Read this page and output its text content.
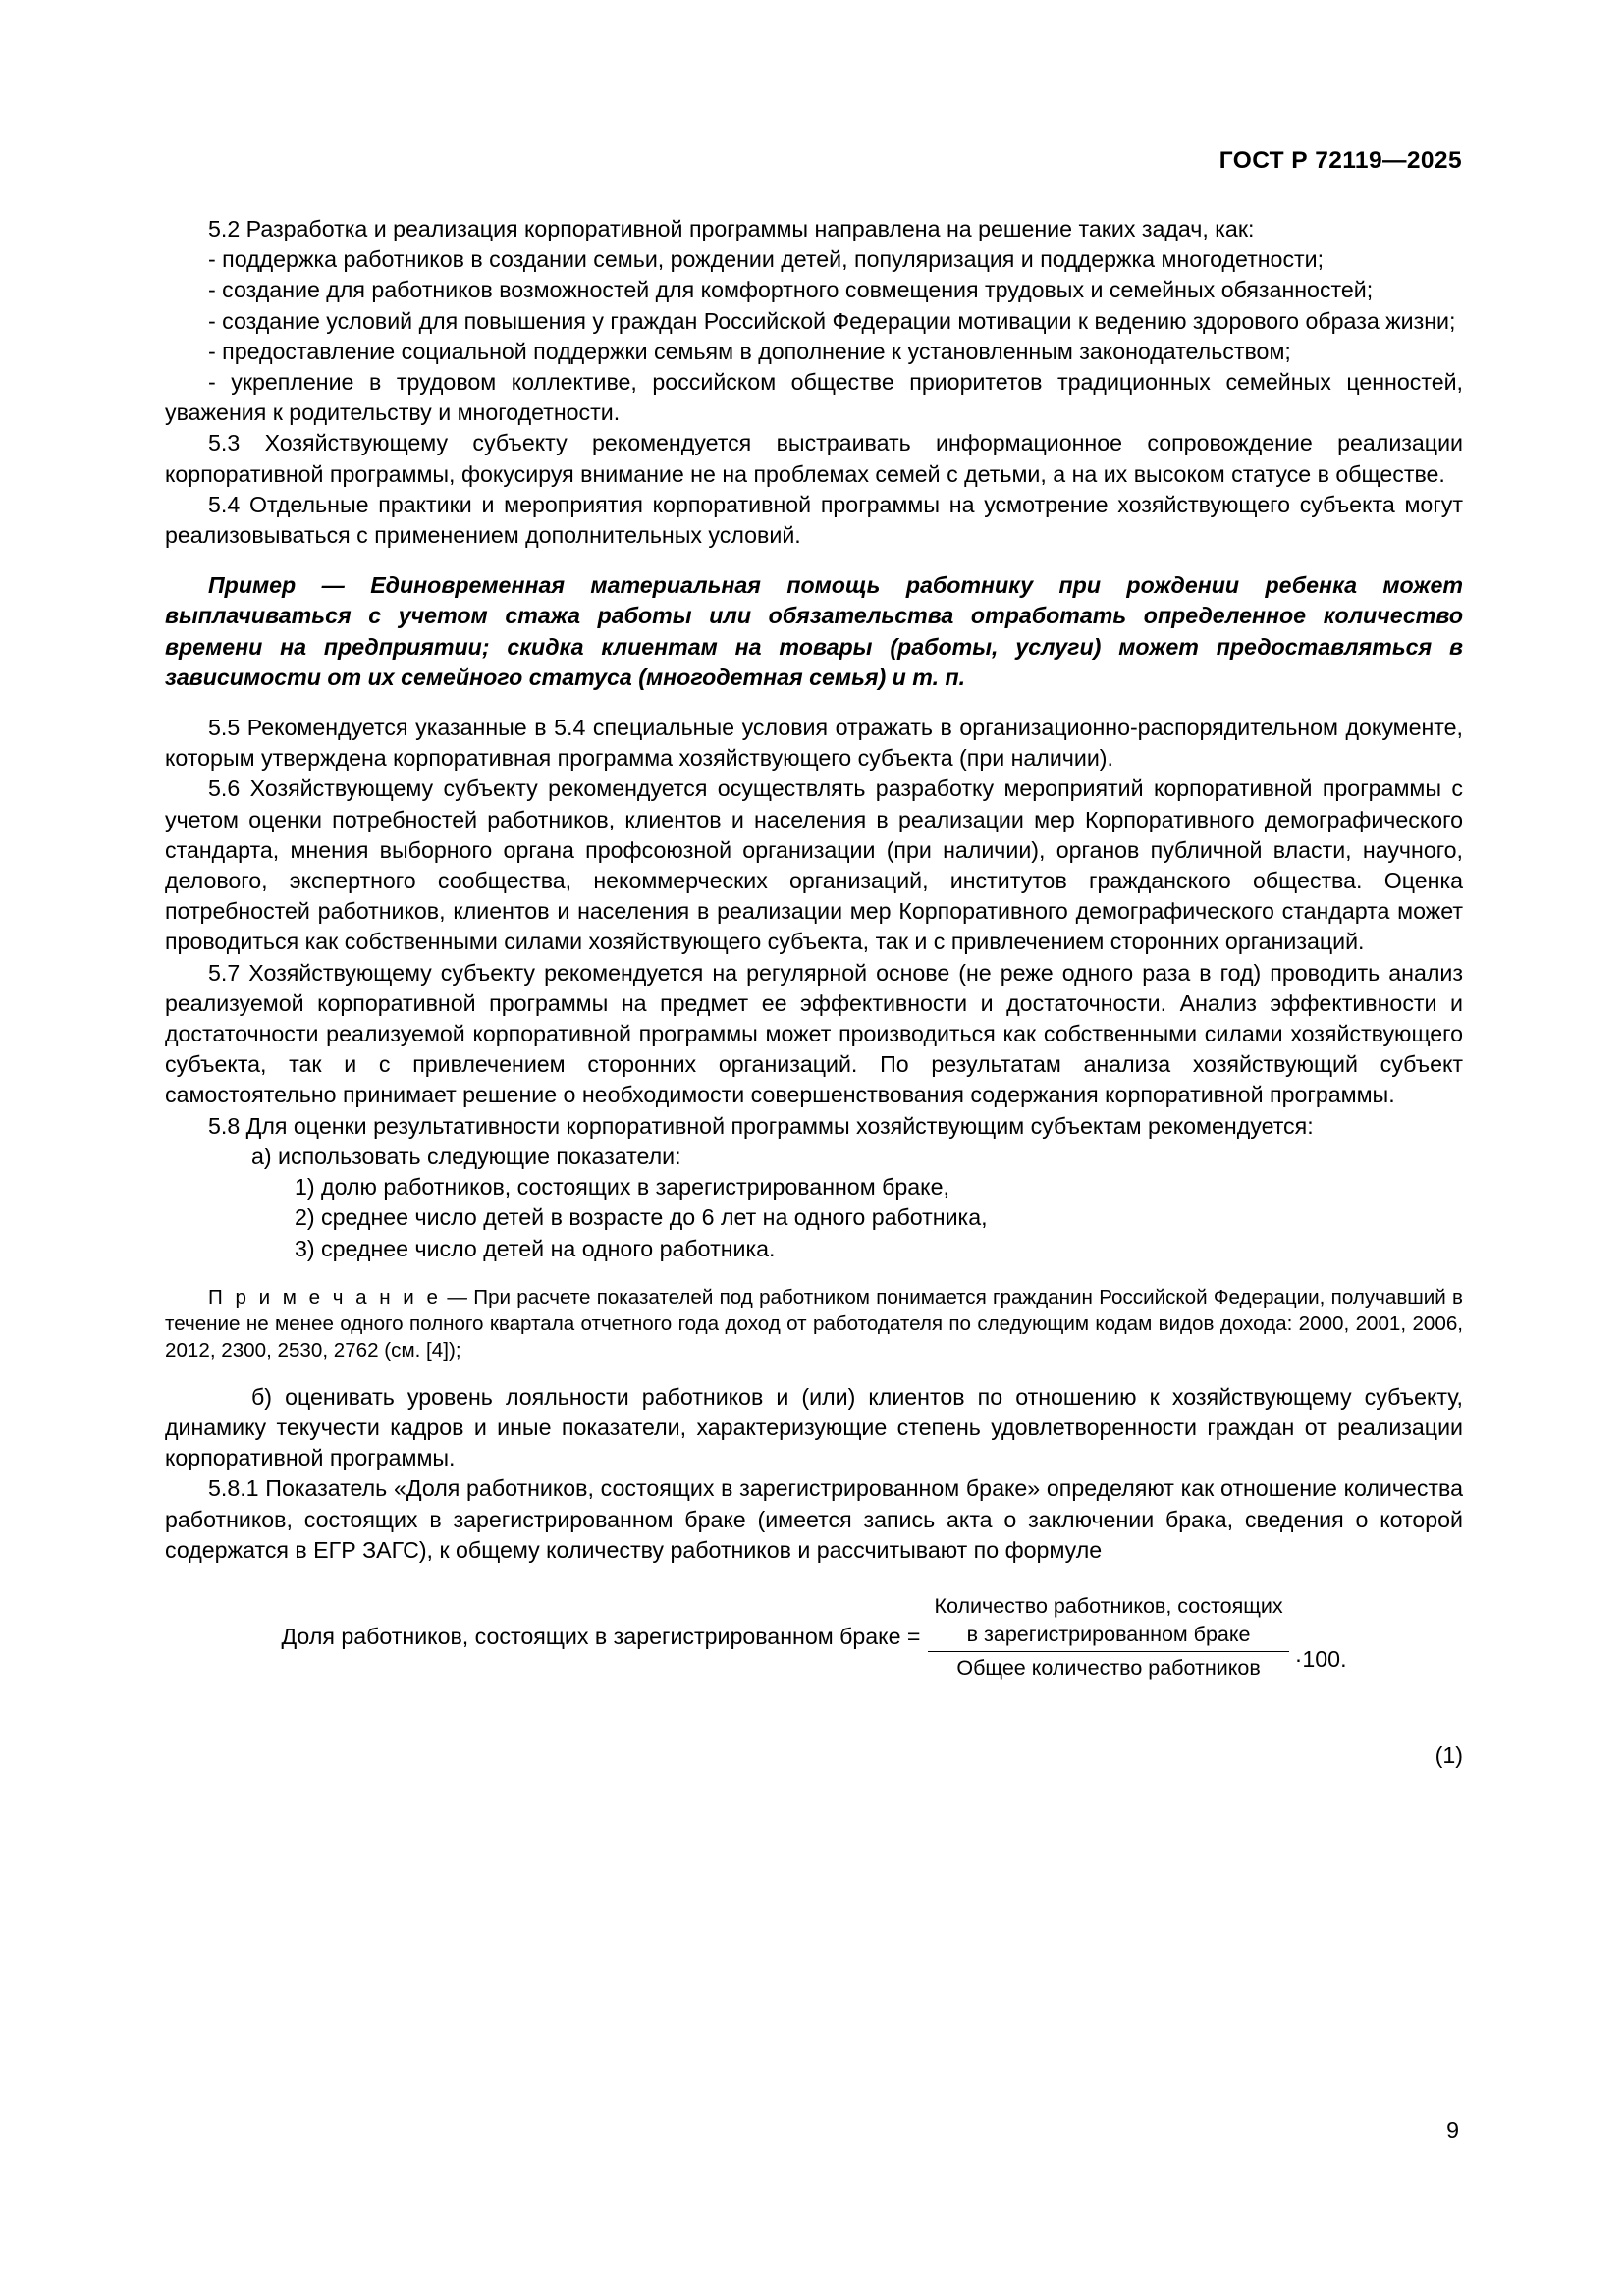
ГОСТ Р 72119—2025

5.2 Разработка и реализация корпоративной программы направлена на решение таких задач, как:

- поддержка работников в создании семьи, рождении детей, популяризация и поддержка многодетности;

- создание для работников возможностей для комфортного совмещения трудовых и семейных обязанностей;

- создание условий для повышения у граждан Российской Федерации мотивации к ведению здорового образа жизни;

- предоставление социальной поддержки семьям в дополнение к установленным законодательством;

- укрепление в трудовом коллективе, российском обществе приоритетов традиционных семейных ценностей, уважения к родительству и многодетности.

5.3 Хозяйствующему субъекту рекомендуется выстраивать информационное сопровождение реализации корпоративной программы, фокусируя внимание не на проблемах семей с детьми, а на их высоком статусе в обществе.

5.4 Отдельные практики и мероприятия корпоративной программы на усмотрение хозяйствующего субъекта могут реализовываться с применением дополнительных условий.

Пример — Единовременная материальная помощь работнику при рождении ребенка может выплачиваться с учетом стажа работы или обязательства отработать определенное количество времени на предприятии; скидка клиентам на товары (работы, услуги) может предоставляться в зависимости от их семейного статуса (многодетная семья) и т. п.

5.5 Рекомендуется указанные в 5.4 специальные условия отражать в организационно-распорядительном документе, которым утверждена корпоративная программа хозяйствующего субъекта (при наличии).

5.6 Хозяйствующему субъекту рекомендуется осуществлять разработку мероприятий корпоративной программы с учетом оценки потребностей работников, клиентов и населения в реализации мер Корпоративного демографического стандарта, мнения выборного органа профсоюзной организации (при наличии), органов публичной власти, научного, делового, экспертного сообщества, некоммерческих организаций, институтов гражданского общества. Оценка потребностей работников, клиентов и населения в реализации мер Корпоративного демографического стандарта может проводиться как собственными силами хозяйствующего субъекта, так и с привлечением сторонних организаций.

5.7 Хозяйствующему субъекту рекомендуется на регулярной основе (не реже одного раза в год) проводить анализ реализуемой корпоративной программы на предмет ее эффективности и достаточности. Анализ эффективности и достаточности реализуемой корпоративной программы может производиться как собственными силами хозяйствующего субъекта, так и с привлечением сторонних организаций. По результатам анализа хозяйствующий субъект самостоятельно принимает решение о необходимости совершенствования содержания корпоративной программы.

5.8 Для оценки результативности корпоративной программы хозяйствующим субъектам рекомендуется:

а) использовать следующие показатели:

1) долю работников, состоящих в зарегистрированном браке,

2) среднее число детей в возрасте до 6 лет на одного работника,

3) среднее число детей на одного работника.

П р и м е ч а н и е — При расчете показателей под работником понимается гражданин Российской Федерации, получавший в течение не менее одного полного квартала отчетного года доход от работодателя по следующим кодам видов дохода: 2000, 2001, 2006, 2012, 2300, 2530, 2762 (см. [4]);

б) оценивать уровень лояльности работников и (или) клиентов по отношению к хозяйствующему субъекту, динамику текучести кадров и иные показатели, характеризующие степень удовлетворенности граждан от реализации корпоративной программы.

5.8.1 Показатель «Доля работников, состоящих в зарегистрированном браке» определяют как отношение количества работников, состоящих в зарегистрированном браке (имеется запись акта о заключении брака, сведения о которой содержатся в ЕГР ЗАГС), к общему количеству работников и рассчитывают по формуле

Доля работников, состоящих в зарегистрированном браке =
Количество работников, состоящих
в зарегистрированном браке
Общее количество работников	·100.
(1)
9
